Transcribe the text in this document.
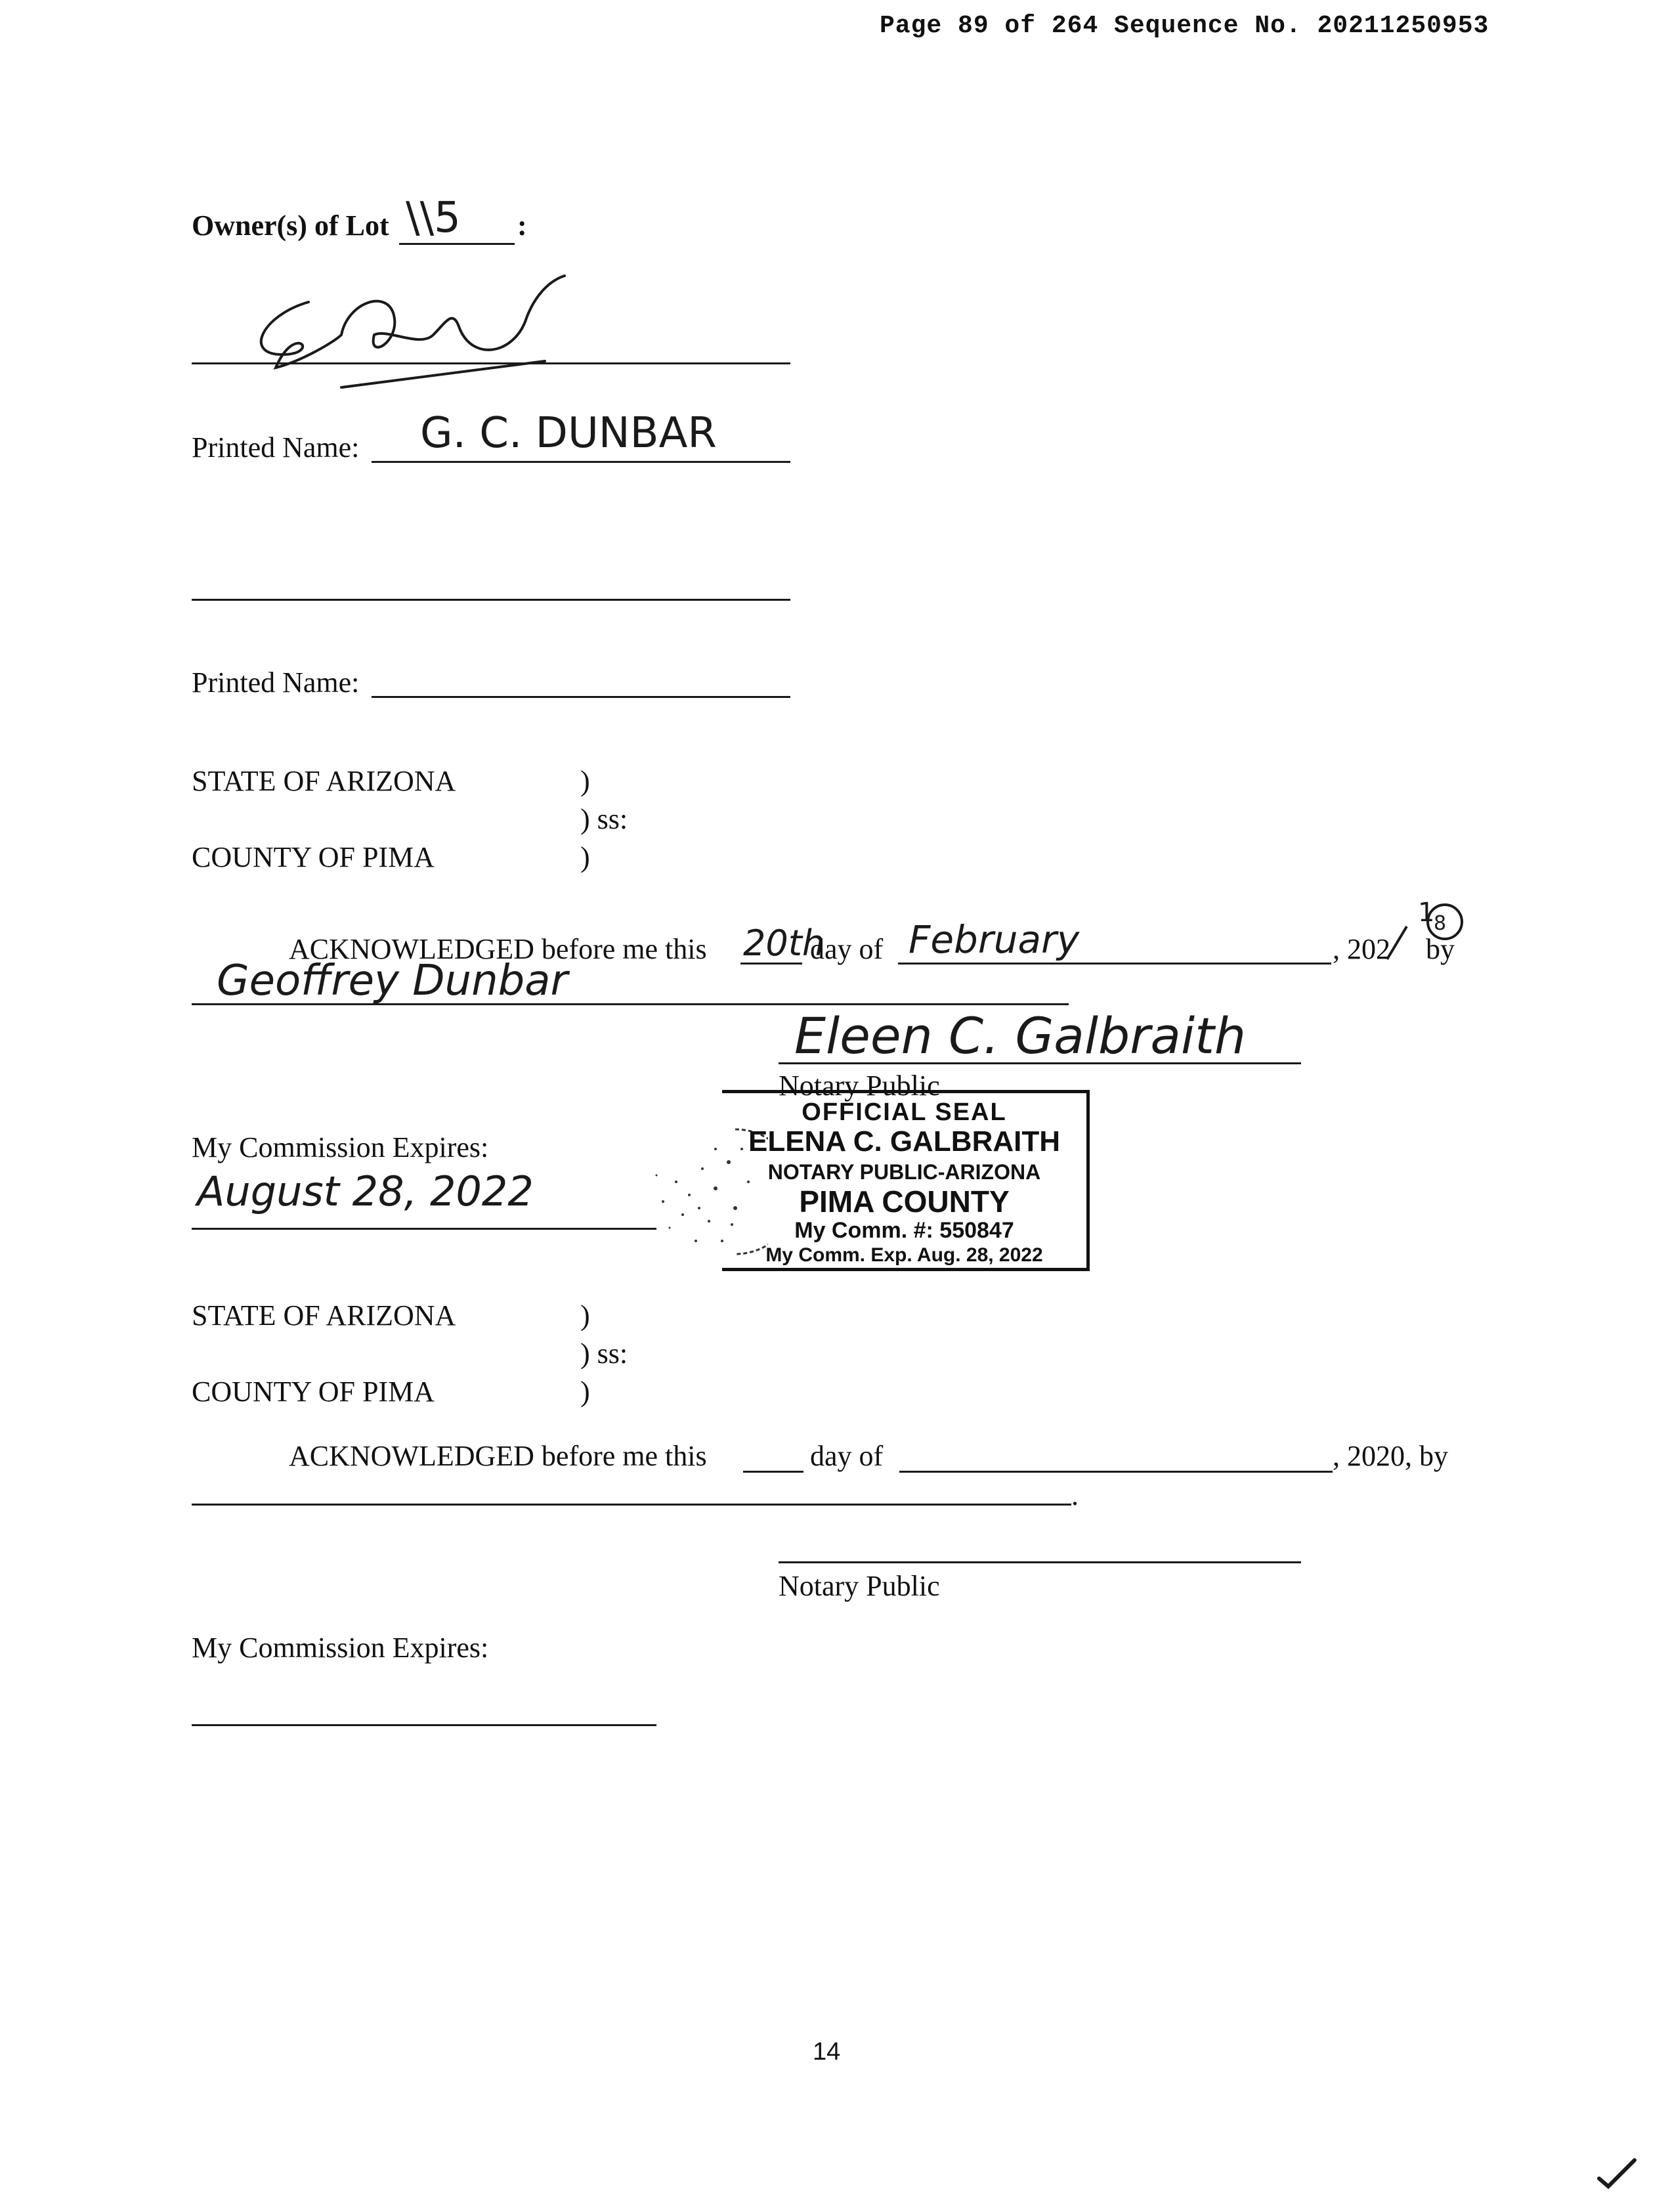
Page 89 of 264 Sequence No. 20211250953
Owner(s) of Lot \\5 :
Printed Name: G. C. DUNBAR
Printed Name:
STATE OF ARIZONA	)
) ss:
COUNTY OF PIMA	)
ACKNOWLEDGED before me this 20th
day of February	, 202
1
8
by
Geoffrey Dunbar
Eleen C. Galbraith
Notary Public
My Commission Expires:
August 28, 2022
OFFICIAL SEAL
ELENA C. GALBRAITH
NOTARY PUBLIC-ARIZONA
PIMA COUNTY
My Comm. #: 550847
My Comm. Exp. Aug. 28, 2022
STATE OF ARIZONA	)
) ss:
COUNTY OF PIMA	)
ACKNOWLEDGED before me this	day of	, 2020, by
.
Notary Public
My Commission Expires:
14
